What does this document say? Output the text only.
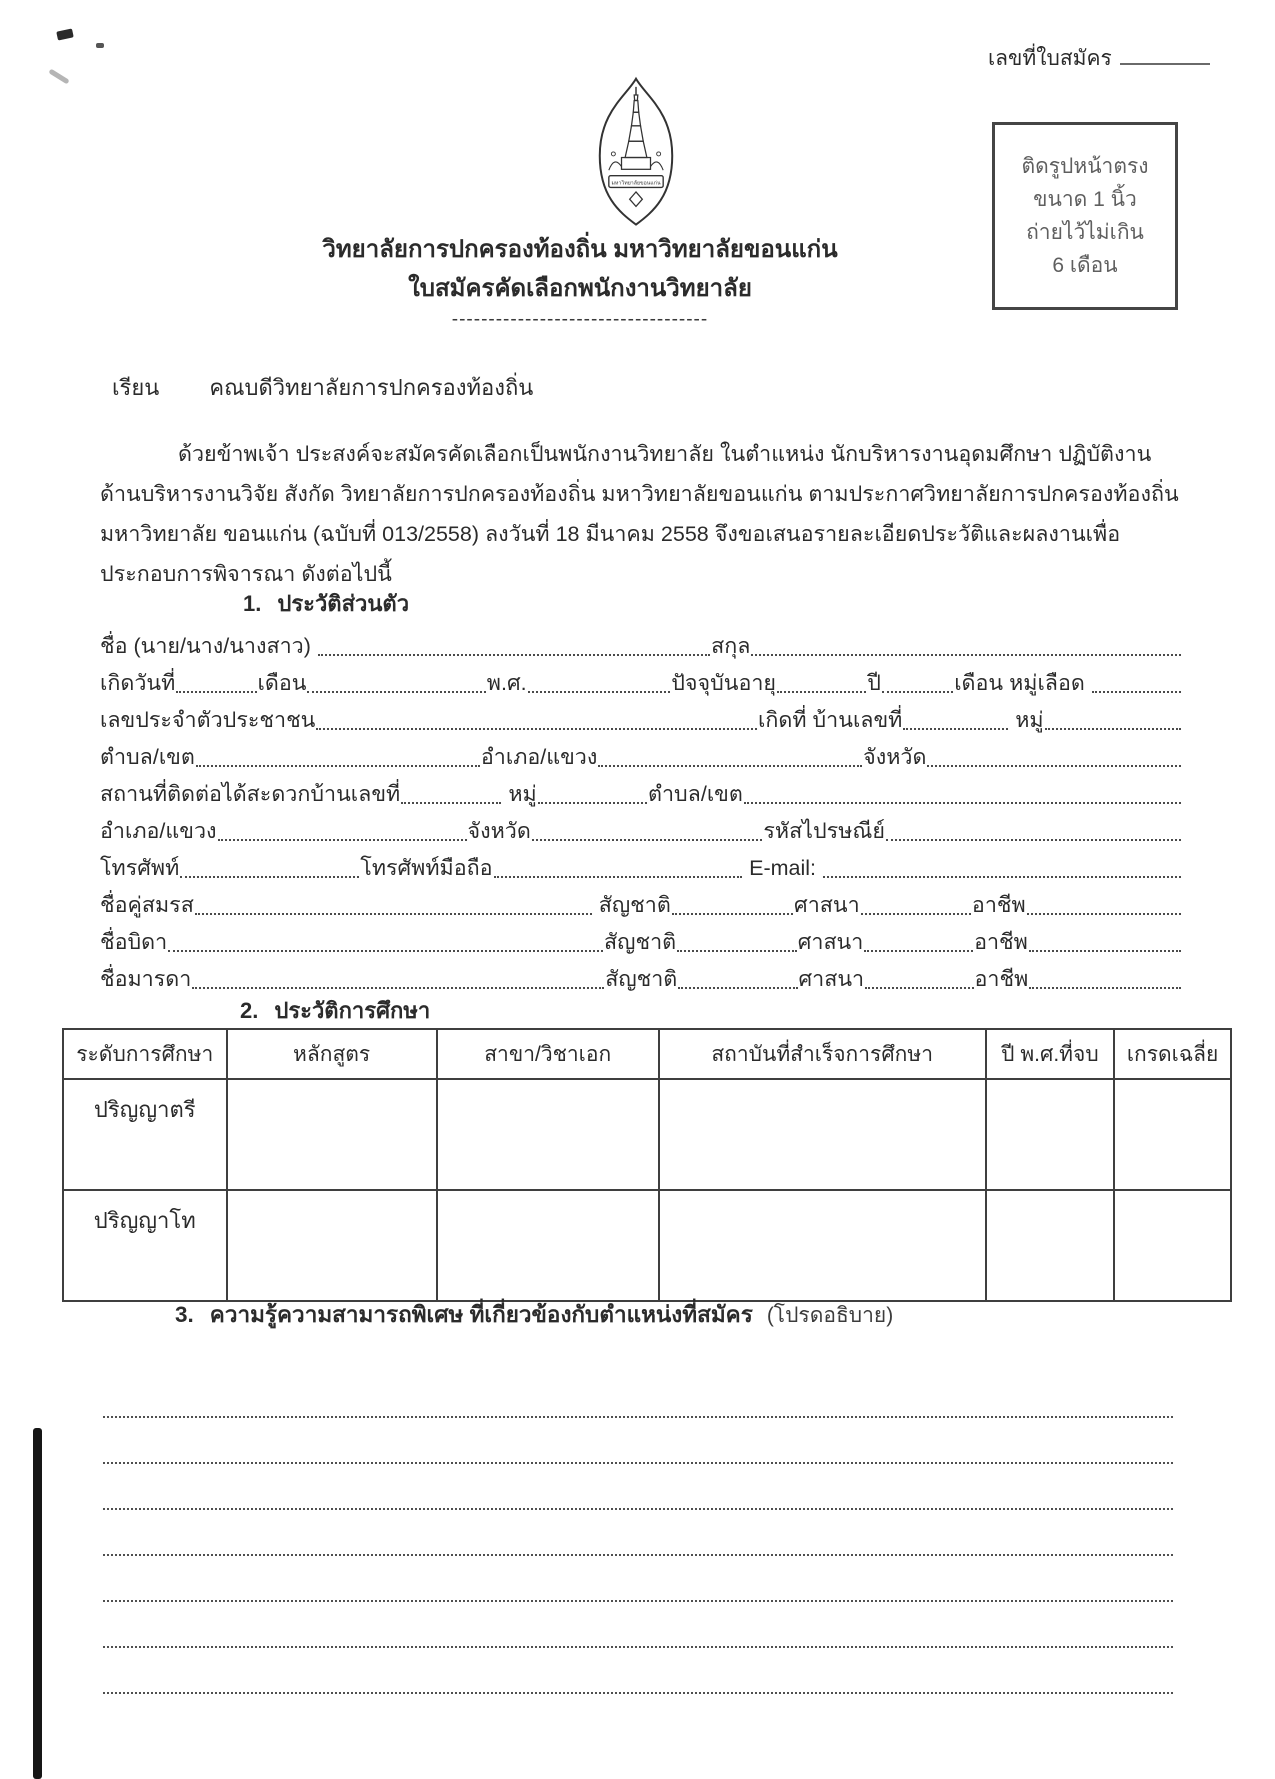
เลขที่ใบสมัคร
ติดรูปหน้าตรง
ขนาด 1 นิ้ว
ถ่ายไว้ไม่เกิน
6 เดือน
มหาวิทยาลัยขอนแก่น
วิทยาลัยการปกครองท้องถิ่น มหาวิทยาลัยขอนแก่น
ใบสมัครคัดเลือกพนักงานวิทยาลัย
-----------------------------------
เรียน คณบดีวิทยาลัยการปกครองท้องถิ่น
ด้วยข้าพเจ้า ประสงค์จะสมัครคัดเลือกเป็นพนักงานวิทยาลัย ในตำแหน่ง นักบริหารงานอุดมศึกษา ปฏิบัติงาน
ด้านบริหารงานวิจัย สังกัด วิทยาลัยการปกครองท้องถิ่น มหาวิทยาลัยขอนแก่น ตามประกาศวิทยาลัยการปกครองท้องถิ่น
มหาวิทยาลัย ขอนแก่น (ฉบับที่ 013/2558) ลงวันที่ 18 มีนาคม 2558 จึงขอเสนอรายละเอียดประวัติและผลงานเพื่อ
ประกอบการพิจารณา ดังต่อไปนี้
1. ประวัติส่วนตัว
ชื่อ (นาย/นาง/นางสาว)	สกุล
เกิดวันที่	เดือน	พ.ศ.	ปัจจุบันอายุ	ปี	เดือน หมู่เลือด
เลขประจำตัวประชาชน	เกิดที่ บ้านเลขที่	หมู่
ตำบล/เขต	อำเภอ/แขวง	จังหวัด
สถานที่ติดต่อได้สะดวกบ้านเลขที่	หมู่	ตำบล/เขต
อำเภอ/แขวง	จังหวัด	รหัสไปรษณีย์
โทรศัพท์	โทรศัพท์มือถือ	E-mail:
ชื่อคู่สมรส	สัญชาติ	ศาสนา	อาชีพ
ชื่อบิดา	สัญชาติ	ศาสนา	อาชีพ
ชื่อมารดา	สัญชาติ	ศาสนา	อาชีพ
2. ประวัติการศึกษา
ระดับการศึกษา	หลักสูตร	สาขา/วิชาเอก	สถาบันที่สำเร็จการศึกษา	ปี พ.ศ.ที่จบ	เกรดเฉลี่ย
ปริญญาตรี					
ปริญญาโท					
3. ความรู้ความสามารถพิเศษ ที่เกี่ยวข้องกับตำแหน่งที่สมัคร (โปรดอธิบาย)
